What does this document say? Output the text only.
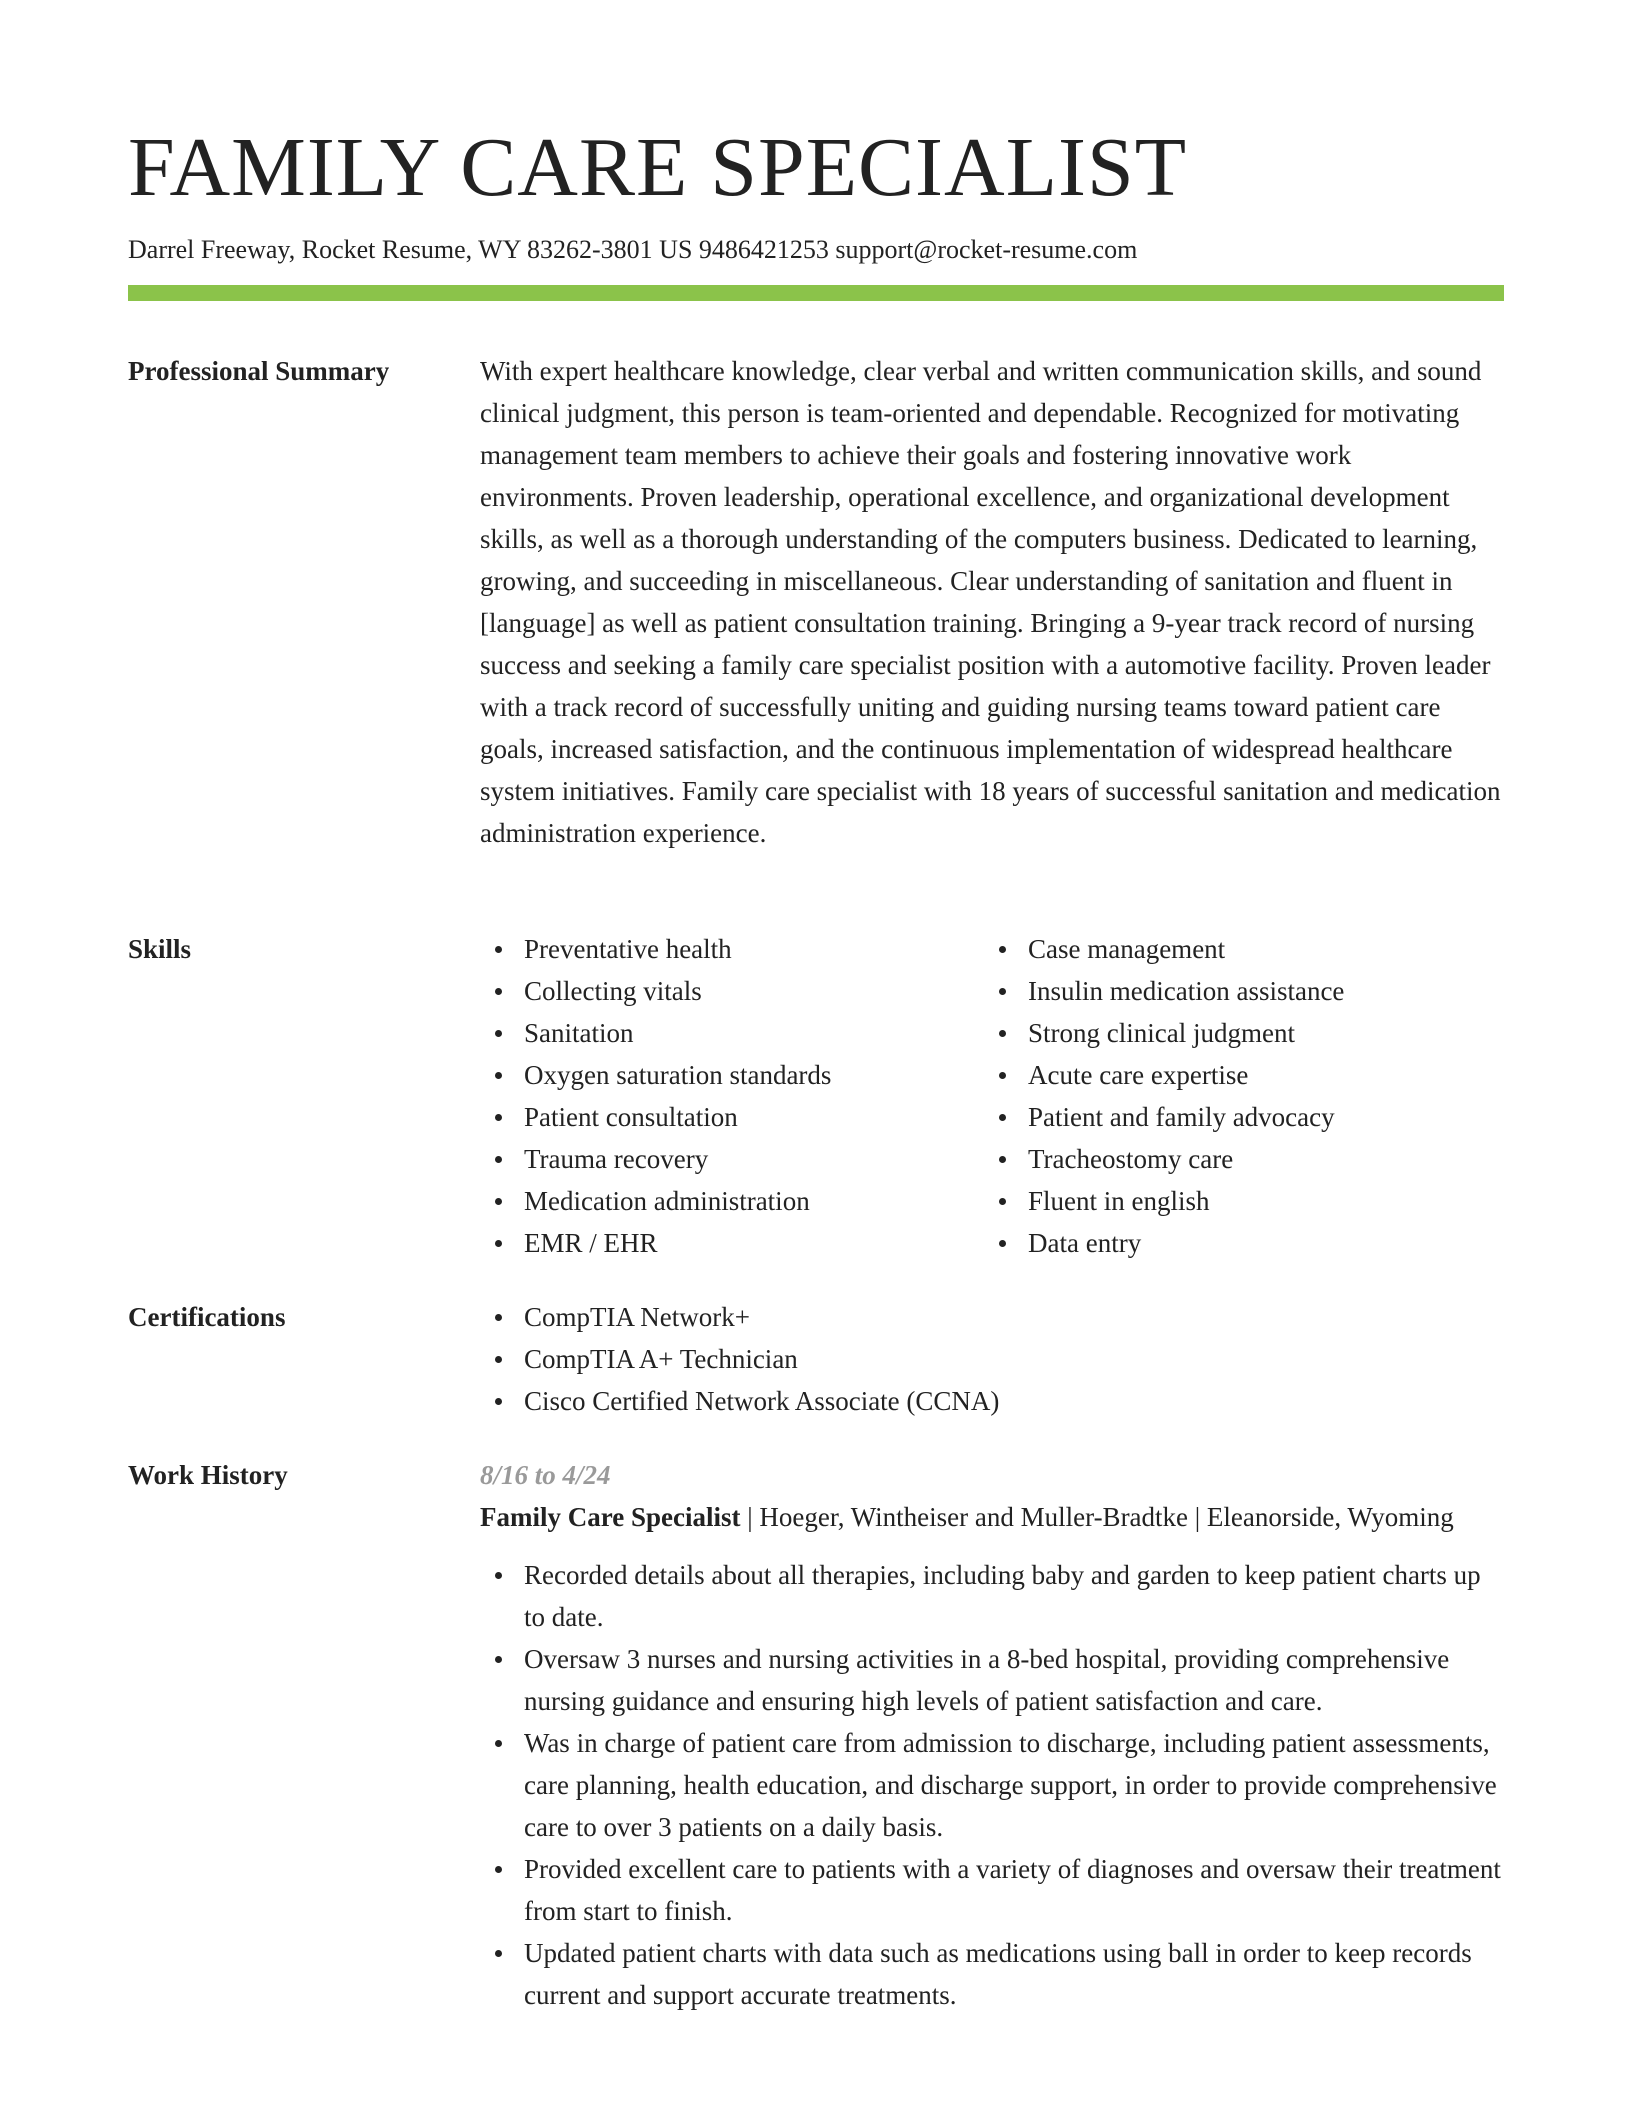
FAMILY CARE SPECIALIST
Darrel Freeway, Rocket Resume, WY 83262-3801 US 9486421253 support@rocket-resume.com
Professional Summary	With expert healthcare knowledge, clear verbal and written communication skills, and sound clinical judgment, this person is team-oriented and dependable. Recognized for motivating management team members to achieve their goals and fostering innovative work environments. Proven leadership, operational excellence, and organizational development skills, as well as a thorough understanding of the computers business. Dedicated to learning, growing, and succeeding in miscellaneous. Clear understanding of sanitation and fluent in [language] as well as patient consultation training. Bringing a 9-year track record of nursing success and seeking a family care specialist position with a automotive facility. Proven leader with a track record of successfully uniting and guiding nursing teams toward patient care goals, increased satisfaction, and the continuous implementation of widespread healthcare system initiatives. Family care specialist with 18 years of successful sanitation and medication administration experience.

Skills	Preventative health
Collecting vitals
Sanitation
Oxygen saturation standards
Patient consultation
Trauma recovery
Medication administration
EMR / EHR
Case management
Insulin medication assistance
Strong clinical judgment
Acute care expertise
Patient and family advocacy
Tracheostomy care
Fluent in english
Data entry
Certifications	CompTIA Network+
CompTIA A+ Technician
Cisco Certified Network Associate (CCNA)
Work History	8/16 to 4/24

Family Care Specialist | Hoeger, Wintheiser and Muller-Bradtke | Eleanorside, Wyoming

Recorded details about all therapies, including baby and garden to keep patient charts up to date.
Oversaw 3 nurses and nursing activities in a 8-bed hospital, providing comprehensive nursing guidance and ensuring high levels of patient satisfaction and care.
Was in charge of patient care from admission to discharge, including patient assessments, care planning, health education, and discharge support, in order to provide comprehensive care to over 3 patients on a daily basis.
Provided excellent care to patients with a variety of diagnoses and oversaw their treatment from start to finish.
Updated patient charts with data such as medications using ball in order to keep records current and support accurate treatments.
